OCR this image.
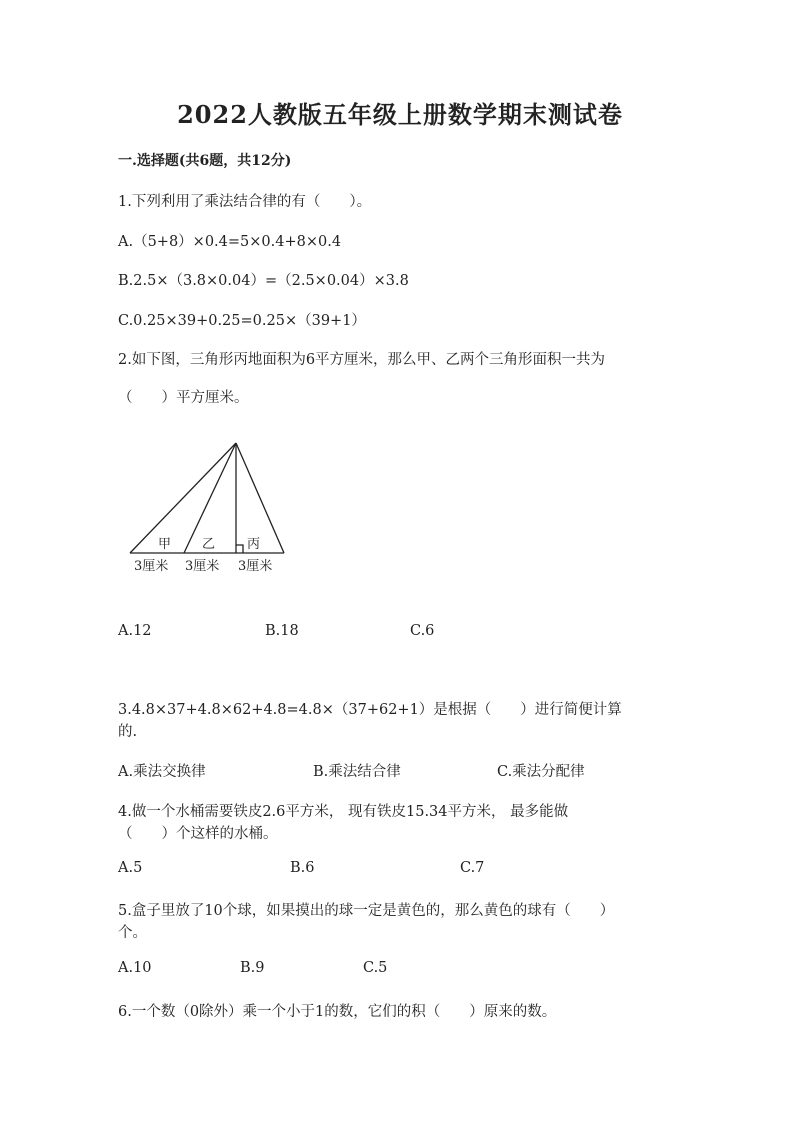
2022人教版五年级上册数学期末测试卷
一.选择题(共6题，共12分)
1.下列利用了乘法结合律的有（　　）。
A.（5+8）×0.4=5×0.4+8×0.4
B.2.5×（3.8×0.04）=（2.5×0.04）×3.8
C.0.25×39+0.25=0.25×（39+1）
2.如下图，三角形丙地面积为6平方厘米，那么甲、乙两个三角形面积一共为
（　　）平方厘米。
甲 乙 丙
3厘米 3厘米 3厘米
A.12	B.18	C.6
3.4.8×37+4.8×62+4.8=4.8×（37+62+1）是根据（　　）进行简便计算
的.
A.乘法交换律	B.乘法结合律	C.乘法分配律
4.做一个水桶需要铁皮2.6平方米， 现有铁皮15.34平方米， 最多能做
（　　）个这样的水桶。
A.5	B.6	C.7
5.盒子里放了10个球，如果摸出的球一定是黄色的，那么黄色的球有（　　）
个。
A.10	B.9	C.5
6.一个数（0除外）乘一个小于1的数，它们的积（　　）原来的数。
